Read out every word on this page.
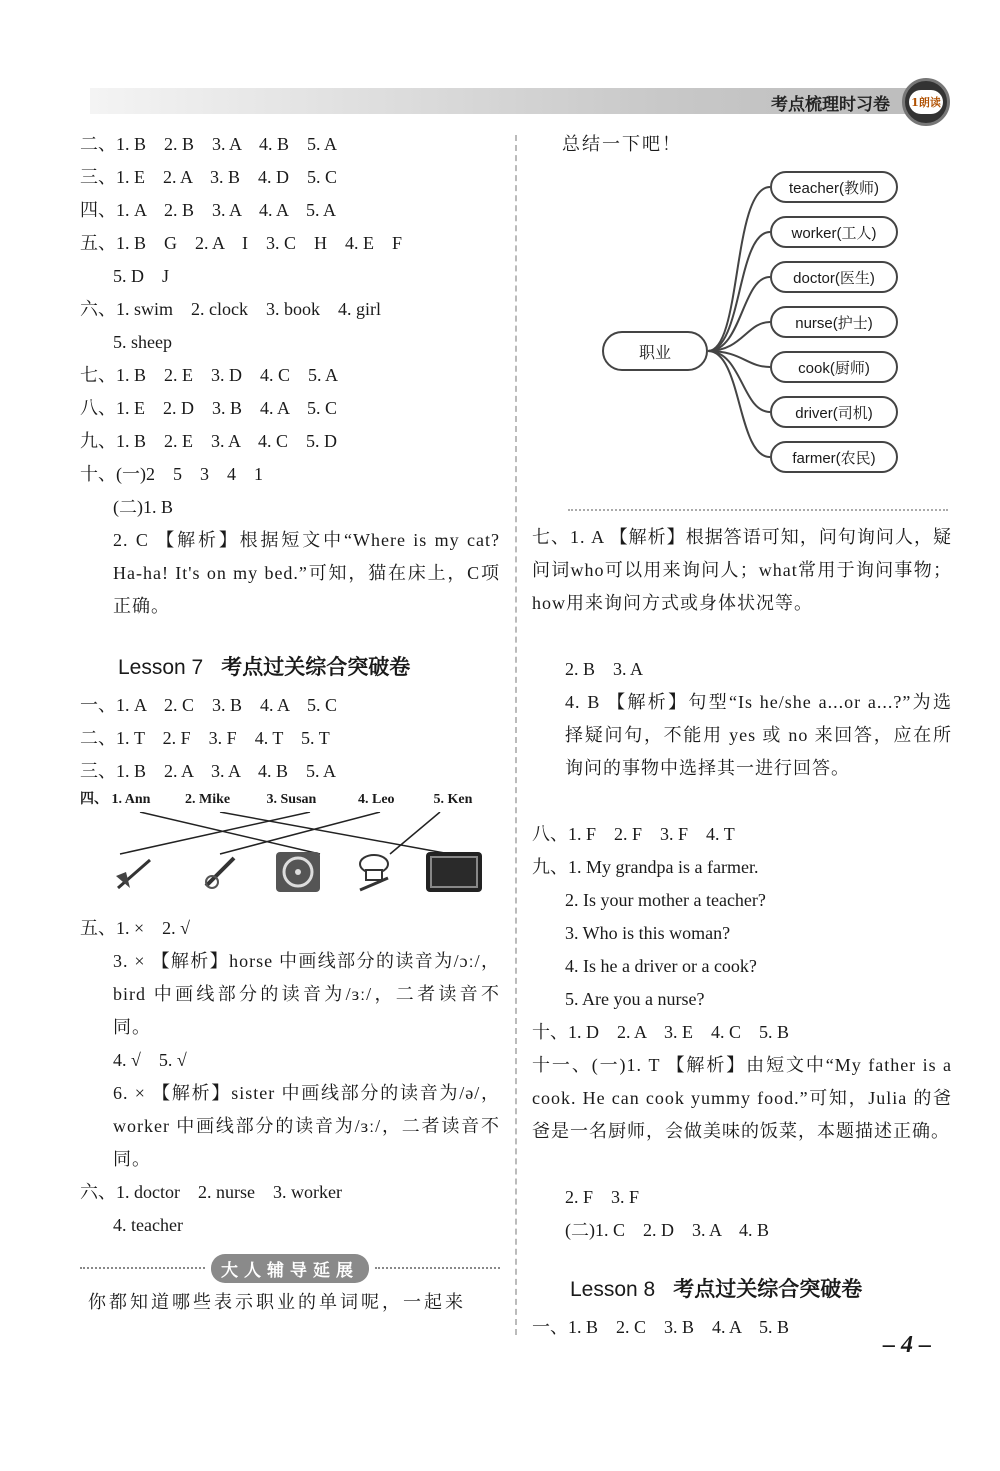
考点梳理时习卷 1朗读
二、1. B　2. B　3. A　4. B　5. A
三、1. E　2. A　3. B　4. D　5. C
四、1. A　2. B　3. A　4. A　5. A
五、1. B　G　2. A　I　3. C　H　4. E　F
5. D　J
六、1. swim　2. clock　3. book　4. girl
5. sheep
七、1. B　2. E　3. D　4. C　5. A
八、1. E　2. D　3. B　4. A　5. C
九、1. B　2. E　3. A　4. C　5. D
十、(一)2　5　3　4　1
(二)1. B
2. C 【解析】根据短文中“Where is my cat? Ha-ha! It's on my bed.”可知，猫在床上，C项正确。
Lesson 7 考点过关综合突破卷
一、1. A　2. C　3. B　4. A　5. C
二、1. T　2. F　3. F　4. T　5. T
三、1. B　2. A　3. A　4. B　5. A
四、 1. Ann 2. Mike	3. Susan	4. Leo	5. Ken
五、1. ×　2. √
3. × 【解析】horse 中画线部分的读音为/ɔː/，bird 中画线部分的读音为/ɜː/，二者读音不同。
4. √　5. √
6. × 【解析】sister 中画线部分的读音为/ə/，worker 中画线部分的读音为/ɜː/，二者读音不同。
六、1. doctor　2. nurse　3. worker
4. teacher
大人辅导延展
你都知道哪些表示职业的单词呢，一起来
总结一下吧！
职业
teacher(教师)
worker(工人)
doctor(医生)
nurse(护士)
cook(厨师)
driver(司机)
farmer(农民)
七、1. A 【解析】根据答语可知，问句询问人，疑问词who可以用来询问人；what常用于询问事物；how用来询问方式或身体状况等。
2. B　3. A
4. B 【解析】句型“Is he/she a...or a...?”为选择疑问句，不能用 yes 或 no 来回答，应在所询问的事物中选择其一进行回答。
八、1. F　2. F　3. F　4. T
九、1. My grandpa is a farmer.
2. Is your mother a teacher?
3. Who is this woman?
4. Is he a driver or a cook?
5. Are you a nurse?
十、1. D　2. A　3. E　4. C　5. B
十一、(一)1. T 【解析】由短文中“My father is a cook. He can cook yummy food.”可知，Julia 的爸爸是一名厨师，会做美味的饭菜，本题描述正确。
2. F　3. F
(二)1. C　2. D　3. A　4. B
Lesson 8 考点过关综合突破卷
一、1. B　2. C　3. B　4. A　5. B
– 4 –
